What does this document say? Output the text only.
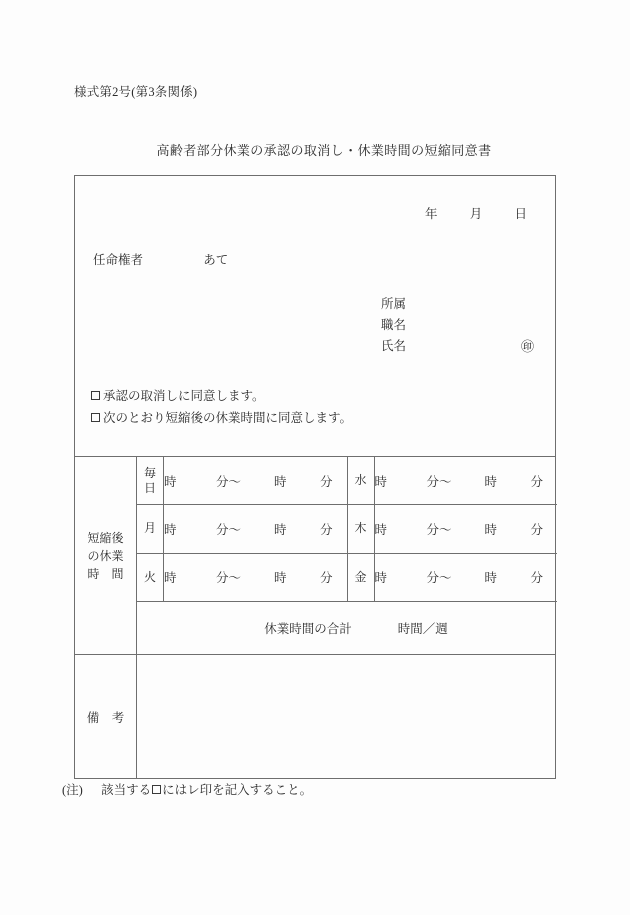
様式第2号(第3条関係)
高齢者部分休業の承認の取消し・休業時間の短縮同意書
年	月	日
任命権者	あて
所属
職名
氏名	㊞
承認の取消しに同意します。
次のとおり短縮後の休業時間に同意します。
短縮後
の休業
時　間
毎
日 時	分〜	時	分 水 時	分〜	時	分
月 時	分〜	時	分 木 時	分〜	時	分
火 時	分〜	時	分 金 時	分〜	時	分
休業時間の合計	時間／週
備　考
(注) 該当する にはレ印を記入すること。
